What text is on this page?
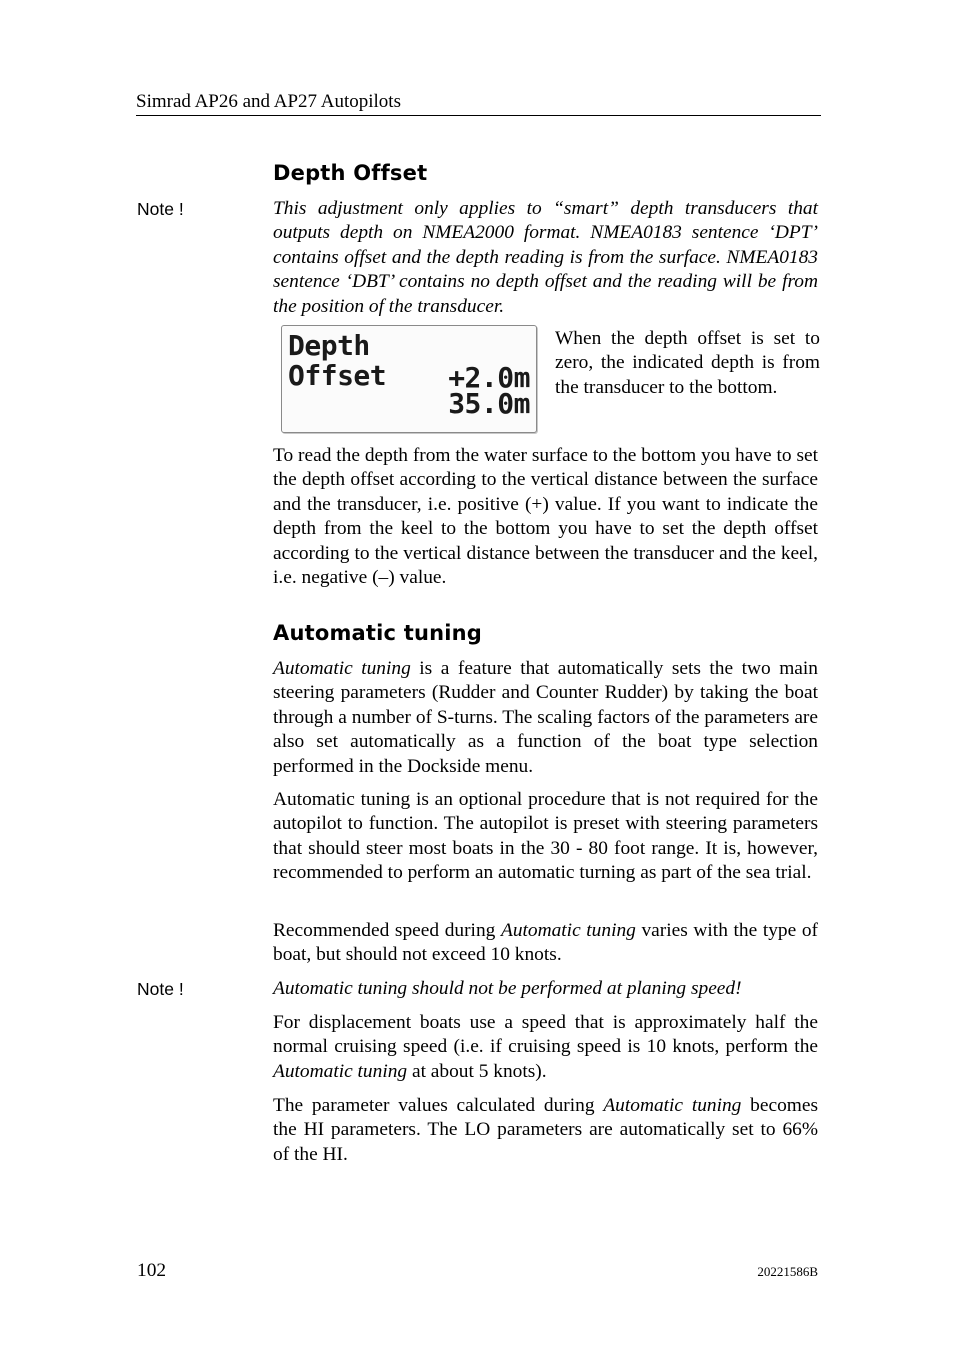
Simrad AP26 and AP27 Autopilots
Depth Offset
Note !	This adjustment only applies to “smart” depth transducers that outputs depth on NMEA2000 format. NMEA0183 sentence ‘DPT’ contains offset and the depth reading is from the surface. NMEA0183 sentence ‘DBT’ contains no depth offset and the reading will be from the position of the transducer.

Depth
Offset +2.0m
35.0m

When the depth offset is set to zero, the indicated depth is from the transducer to the bottom.

To read the depth from the water surface to the bottom you have to set the depth offset according to the vertical distance between the surface and the transducer, i.e. positive (+) value. If you want to indicate the depth from the keel to the bottom you have to set the depth offset according to the vertical distance between the transducer and the keel, i.e. negative (–) value.

Automatic tuning

Automatic tuning is a feature that automatically sets the two main steering parameters (Rudder and Counter Rudder) by taking the boat through a number of S-turns. The scaling factors of the parameters are also set automatically as a function of the boat type selection performed in the Dockside menu.

Automatic tuning is an optional procedure that is not required for the autopilot to function. The autopilot is preset with steering parameters that should steer most boats in the 30 - 80 foot range. It is, however, recommended to perform an automatic turning as part of the sea trial.

Recommended speed during Automatic tuning varies with the type of boat, but should not exceed 10 knots.

Note !	Automatic tuning should not be performed at planing speed!

For displacement boats use a speed that is approximately half the normal cruising speed (i.e. if cruising speed is 10 knots, perform the Automatic tuning at about 5 knots).

The parameter values calculated during Automatic tuning becomes the HI parameters. The LO parameters are automatically set to 66% of the HI.

102	20221586B
